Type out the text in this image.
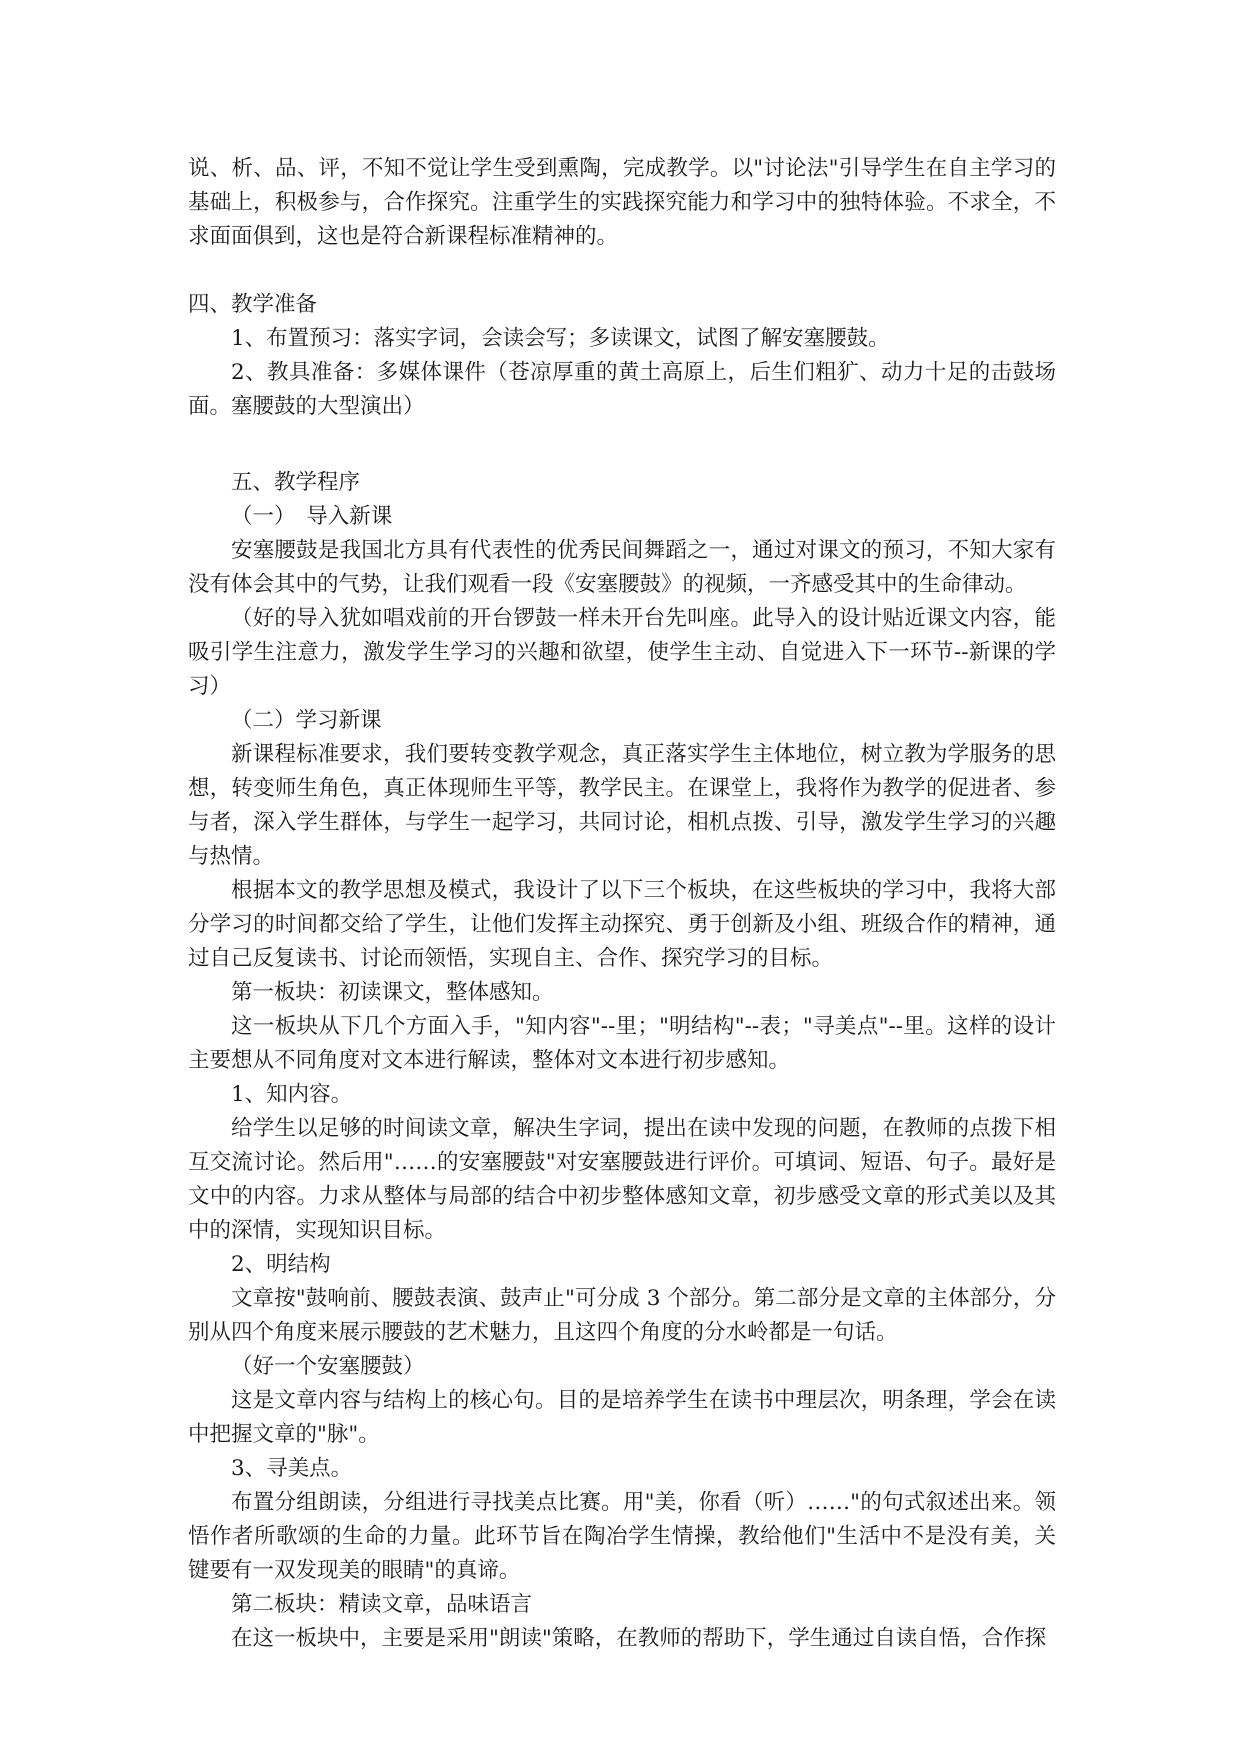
说、析、品、评，不知不觉让学生受到熏陶，完成教学。以"讨论法"引导学生在自主学习的基础上，积极参与，合作探究。注重学生的实践探究能力和学习中的独特体验。不求全，不求面面俱到，这也是符合新课程标准精神的。

四、教学准备

1、布置预习：落实字词，会读会写；多读课文，试图了解安塞腰鼓。

2、教具准备：多媒体课件（苍凉厚重的黄土高原上，后生们粗犷、动力十足的击鼓场面。塞腰鼓的大型演出）

五、教学程序

（一）　导入新课

安塞腰鼓是我国北方具有代表性的优秀民间舞蹈之一，通过对课文的预习，不知大家有没有体会其中的气势，让我们观看一段《安塞腰鼓》的视频，一齐感受其中的生命律动。

（好的导入犹如唱戏前的开台锣鼓一样未开台先叫座。此导入的设计贴近课文内容，能吸引学生注意力，激发学生学习的兴趣和欲望，使学生主动、自觉进入下一环节--新课的学习）

（二）学习新课

新课程标准要求，我们要转变教学观念，真正落实学生主体地位，树立教为学服务的思想，转变师生角色，真正体现师生平等，教学民主。在课堂上，我将作为教学的促进者、参与者，深入学生群体，与学生一起学习，共同讨论，相机点拨、引导，激发学生学习的兴趣与热情。

根据本文的教学思想及模式，我设计了以下三个板块，在这些板块的学习中，我将大部分学习的时间都交给了学生，让他们发挥主动探究、勇于创新及小组、班级合作的精神，通过自己反复读书、讨论而领悟，实现自主、合作、探究学习的目标。

第一板块：初读课文，整体感知。

这一板块从下几个方面入手，"知内容"--里；"明结构"--表；"寻美点"--里。这样的设计主要想从不同角度对文本进行解读，整体对文本进行初步感知。

1、知内容。

给学生以足够的时间读文章，解决生字词，提出在读中发现的问题，在教师的点拨下相互交流讨论。然后用"……的安塞腰鼓"对安塞腰鼓进行评价。可填词、短语、句子。最好是文中的内容。力求从整体与局部的结合中初步整体感知文章，初步感受文章的形式美以及其中的深情，实现知识目标。

2、明结构

文章按"鼓响前、腰鼓表演、鼓声止"可分成 3 个部分。第二部分是文章的主体部分，分别从四个角度来展示腰鼓的艺术魅力，且这四个角度的分水岭都是一句话。

（好一个安塞腰鼓）

这是文章内容与结构上的核心句。目的是培养学生在读书中理层次，明条理，学会在读中把握文章的"脉"。

3、寻美点。

布置分组朗读，分组进行寻找美点比赛。用"美，你看（听）……"的句式叙述出来。领悟作者所歌颂的生命的力量。此环节旨在陶冶学生情操，教给他们"生活中不是没有美，关键要有一双发现美的眼睛"的真谛。

第二板块：精读文章，品味语言

在这一板块中，主要是采用"朗读"策略，在教师的帮助下，学生通过自读自悟，合作探
